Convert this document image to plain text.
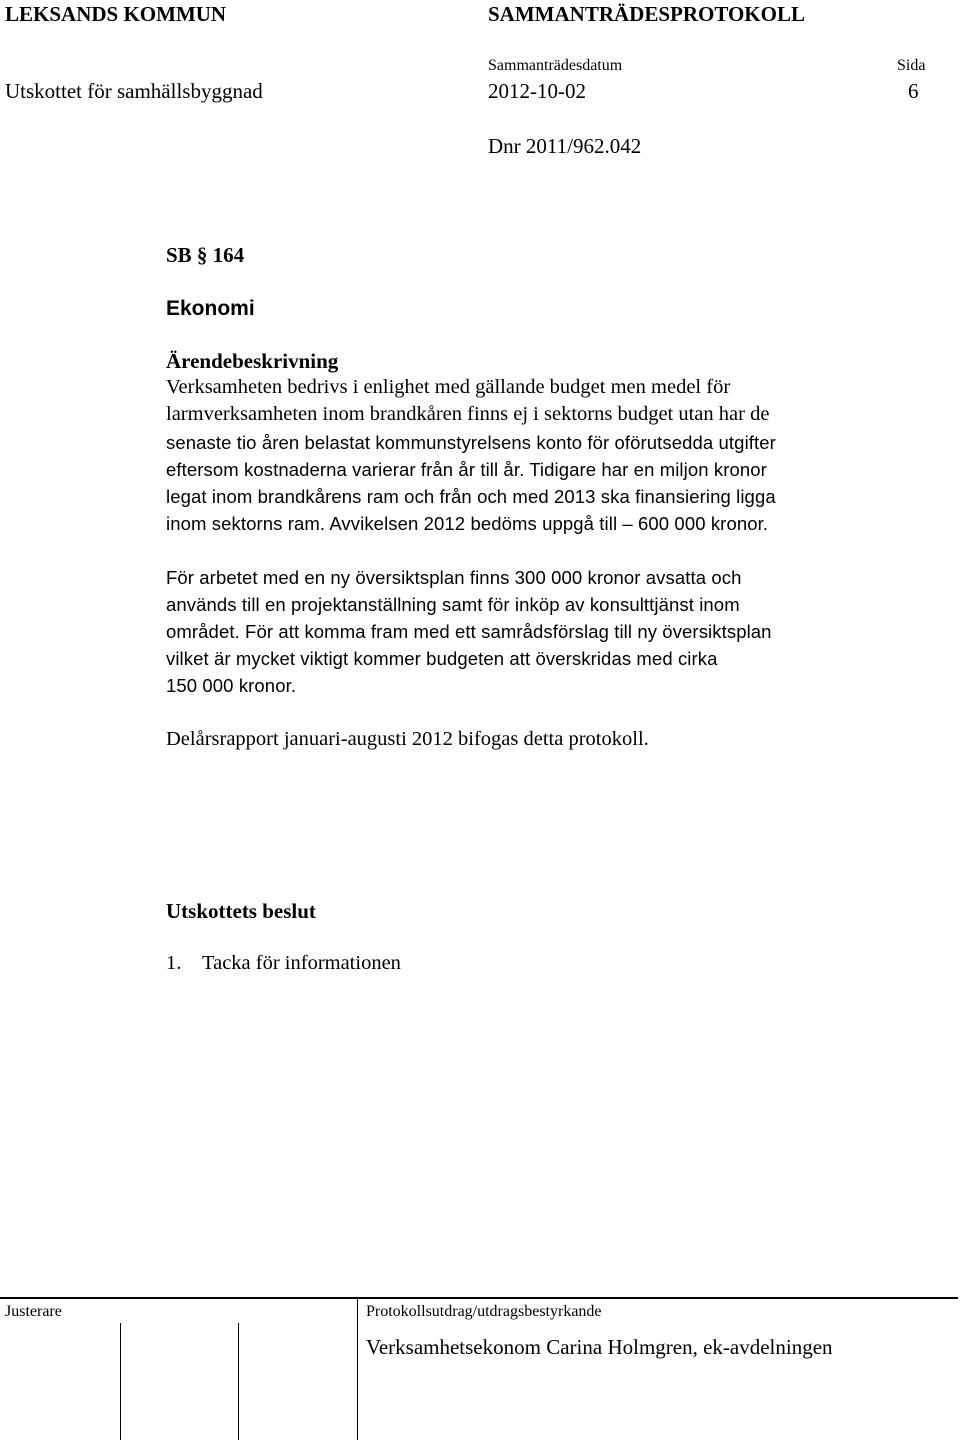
LEKSANDS KOMMUN	SAMMANTRÄDESPROTOKOLL
Sammanträdesdatum	Sida
Utskottet för samhällsbyggnad	2012-10-02	6
Dnr 2011/962.042
SB § 164
Ekonomi
Ärendebeskrivning
Verksamheten bedrivs i enlighet med gällande budget men medel för
larmverksamheten inom brandkåren finns ej i sektorns budget utan har de
senaste tio åren belastat kommunstyrelsens konto för oförutsedda utgifter
eftersom kostnaderna varierar från år till år. Tidigare har en miljon kronor
legat inom brandkårens ram och från och med 2013 ska finansiering ligga
inom sektorns ram. Avvikelsen 2012 bedöms uppgå till – 600 000 kronor.
För arbetet med en ny översiktsplan finns 300 000 kronor avsatta och
används till en projektanställning samt för inköp av konsulttjänst inom
området. För att komma fram med ett samrådsförslag till ny översiktsplan
vilket är mycket viktigt kommer budgeten att överskridas med cirka
150 000 kronor.
Delårsrapport januari-augusti 2012 bifogas detta protokoll.
Utskottets beslut
1. Tacka för informationen
Justerare	Protokollsutdrag/utdragsbestyrkande
Verksamhetsekonom Carina Holmgren, ek-avdelningen
